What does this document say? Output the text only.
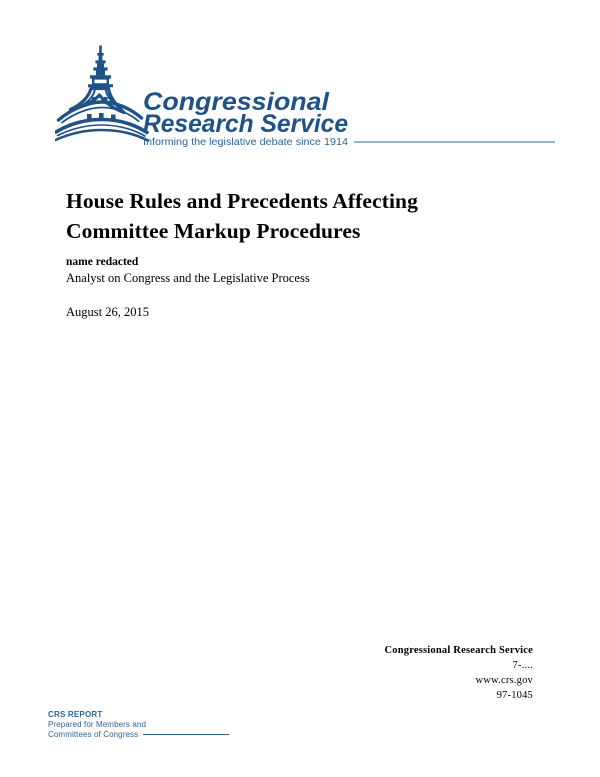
Congressional
Research Service
Informing the legislative debate since 1914
House Rules and Precedents Affecting
Committee Markup Procedures
name redacted
Analyst on Congress and the Legislative Process
August 26, 2015
Congressional Research Service
7-....
www.crs.gov
97-1045
CRS REPORT
Prepared for Members and
Committees of Congress
